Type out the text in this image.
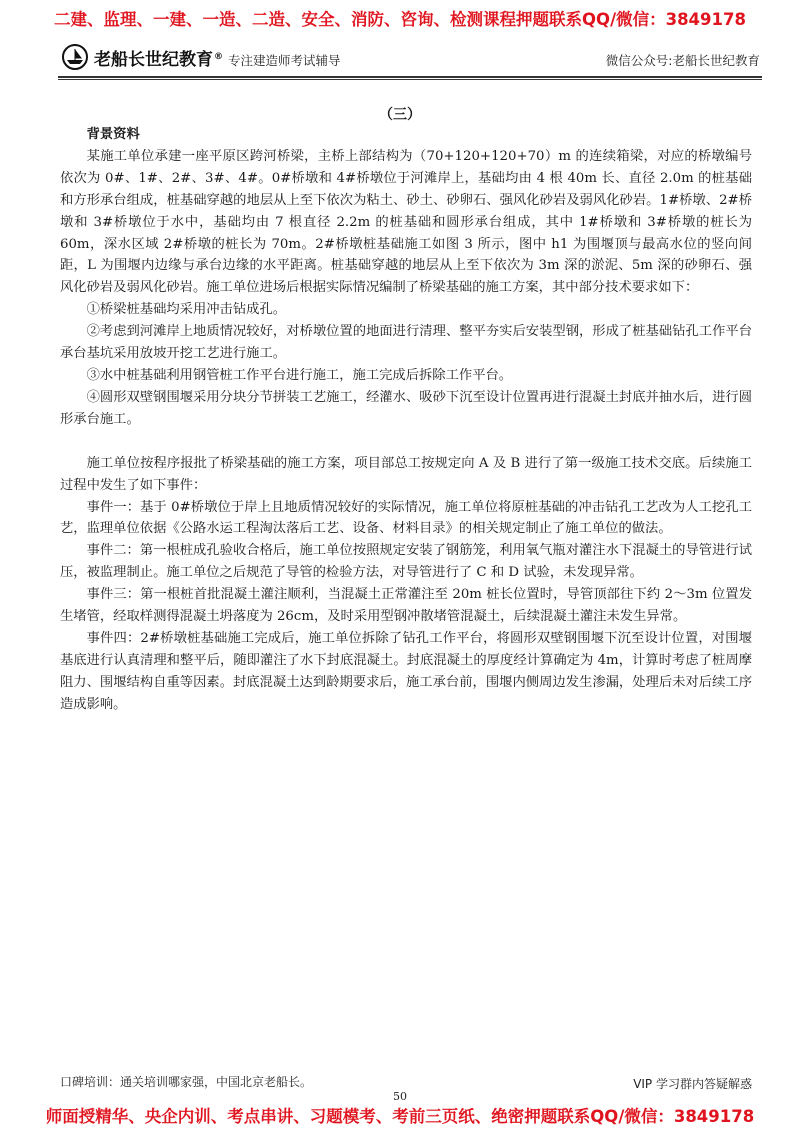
二建、监理、一建、一造、二造、安全、消防、咨询、检测课程押题联系QQ/微信：3849178
老船长世纪教育 ® 专注建造师考试辅导	微信公众号:老船长世纪教育
（三）

背景资料

某施工单位承建一座平原区跨河桥梁，主桥上部结构为（70+120+120+70）m 的连续箱梁，对应的桥墩编号依次为 0#、1#、2#、3#、4#。0#桥墩和 4#桥墩位于河滩岸上，基础均由 4 根 40m 长、直径 2.0m 的桩基础和方形承台组成，桩基础穿越的地层从上至下依次为粘土、砂土、砂卵石、强风化砂岩及弱风化砂岩。1#桥墩、2#桥墩和 3#桥墩位于水中，基础均由 7 根直径 2.2m 的桩基础和圆形承台组成，其中 1#桥墩和 3#桥墩的桩长为 60m，深水区域 2#桥墩的桩长为 70m。2#桥墩桩基础施工如图 3 所示，图中 h1 为围堰顶与最高水位的竖向间距，L 为围堰内边缘与承台边缘的水平距离。桩基础穿越的地层从上至下依次为 3m 深的淤泥、5m 深的砂卵石、强风化砂岩及弱风化砂岩。施工单位进场后根据实际情况编制了桥梁基础的施工方案，其中部分技术要求如下：

①桥梁桩基础均采用冲击钻成孔。

②考虑到河滩岸上地质情况较好，对桥墩位置的地面进行清理、整平夯实后安装型钢，形成了桩基础钻孔工作平台承台基坑采用放坡开挖工艺进行施工。

③水中桩基础利用钢管桩工作平台进行施工，施工完成后拆除工作平台。

④圆形双壁钢围堰采用分块分节拼装工艺施工，经灌水、吸砂下沉至设计位置再进行混凝土封底并抽水后，进行圆形承台施工。

施工单位按程序报批了桥梁基础的施工方案，项目部总工按规定向 A 及 B 进行了第一级施工技术交底。后续施工过程中发生了如下事件：

事件一：基于 0#桥墩位于岸上且地质情况较好的实际情况，施工单位将原桩基础的冲击钻孔工艺改为人工挖孔工艺，监理单位依据《公路水运工程淘汰落后工艺、设备、材料目录》的相关规定制止了施工单位的做法。

事件二：第一根桩成孔验收合格后，施工单位按照规定安装了钢筋笼，利用氧气瓶对灌注水下混凝土的导管进行试压，被监理制止。施工单位之后规范了导管的检验方法，对导管进行了 C 和 D 试验，未发现异常。

事件三：第一根桩首批混凝土灌注顺利，当混凝土正常灌注至 20m 桩长位置时，导管顶部往下约 2～3m 位置发生堵管，经取样测得混凝土坍落度为 26cm，及时采用型钢冲散堵管混凝土，后续混凝土灌注未发生异常。

事件四：2#桥墩桩基础施工完成后，施工单位拆除了钻孔工作平台，将圆形双壁钢围堰下沉至设计位置，对围堰基底进行认真清理和整平后，随即灌注了水下封底混凝土。封底混凝土的厚度经计算确定为 4m，计算时考虑了桩周摩阻力、围堰结构自重等因素。封底混凝土达到龄期要求后，施工承台前，围堰内侧周边发生渗漏，处理后未对后续工序造成影响。

口碑培训：通关培训哪家强，中国北京老船长。	VIP 学习群内答疑解惑
50
师面授精华、央企内训、考点串讲、习题模考、考前三页纸、绝密押题联系QQ/微信：3849178
